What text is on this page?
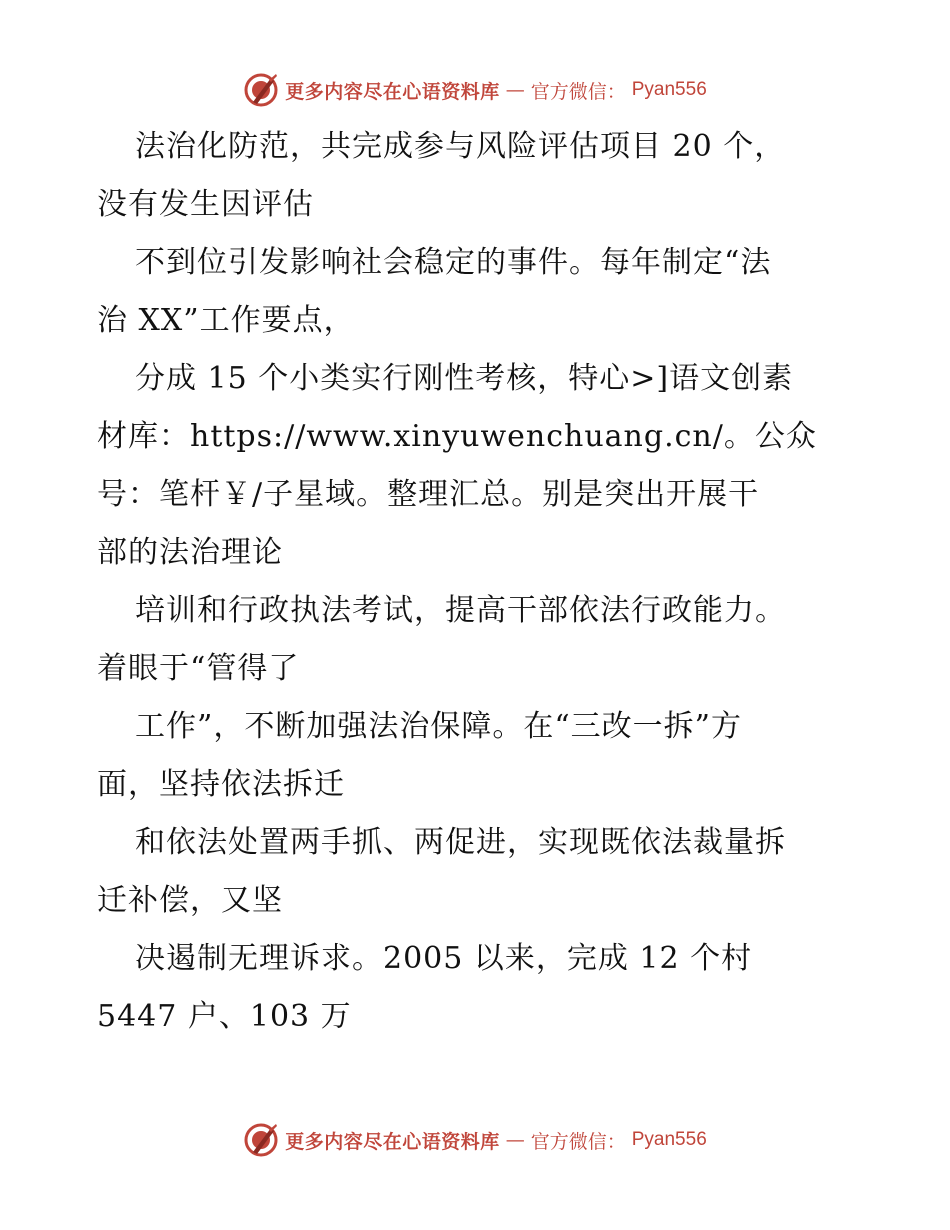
更多内容尽在心语资料库 — 官方微信： Pyan556
法治化防范，共完成参与风险评估项目 20 个，
没有发生因评估
不到位引发影响社会稳定的事件。每年制定“法
治 XX”工作要点，
分成 15 个小类实行刚性考核，特心>]语文创素
材库：https://www.xinyuwenchuang.cn/。公众
号：笔杆￥/子星域。整理汇总。别是突出开展干
部的法治理论
培训和行政执法考试，提高干部依法行政能力。
着眼于“管得了
工作”，不断加强法治保障。在“三改一拆”方
面，坚持依法拆迁
和依法处置两手抓、两促进，实现既依法裁量拆
迁补偿，又坚
决遏制无理诉求。2005 以来，完成 12 个村
5447 户、103 万
更多内容尽在心语资料库 — 官方微信： Pyan556
